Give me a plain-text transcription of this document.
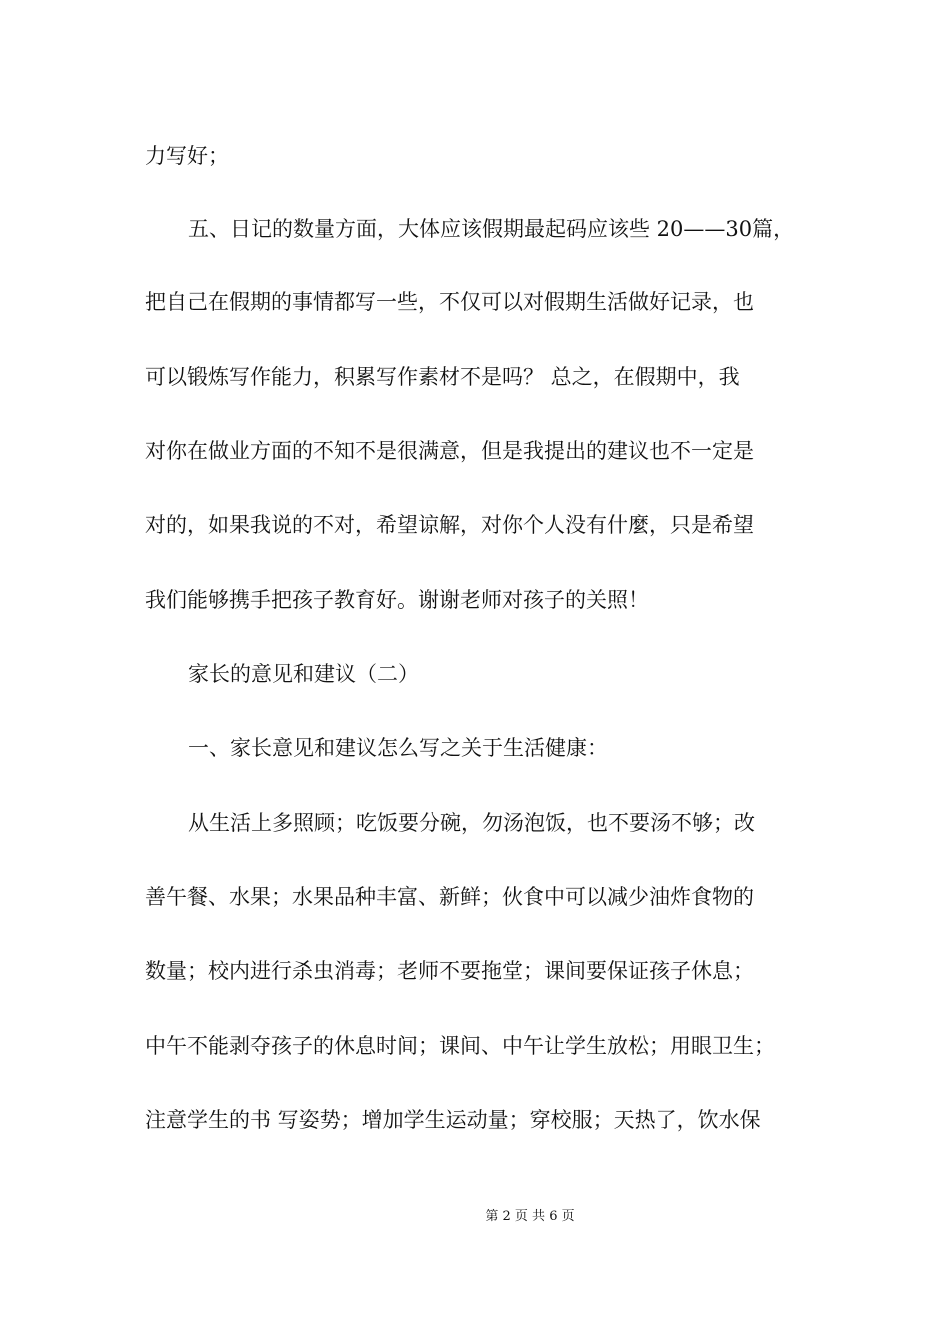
力写好；
五、日记的数量方面，大体应该假期最起码应该些 20——30篇，
把自己在假期的事情都写一些，不仅可以对假期生活做好记录，也
可以锻炼写作能力，积累写作素材不是吗？ 总之，在假期中，我
对你在做业方面的不知不是很满意，但是我提出的建议也不一定是
对的，如果我说的不对，希望谅解，对你个人没有什麼，只是希望
我们能够携手把孩子教育好。谢谢老师对孩子的关照！
家长的意见和建议（二）
一、家长意见和建议怎么写之关于生活健康：
从生活上多照顾；吃饭要分碗，勿汤泡饭，也不要汤不够；改
善午餐、水果；水果品种丰富、新鲜；伙食中可以减少油炸食物的
数量；校内进行杀虫消毒；老师不要拖堂；课间要保证孩子休息；
中午不能剥夺孩子的休息时间；课间、中午让学生放松；用眼卫生；
注意学生的书 写姿势；增加学生运动量；穿校服；天热了，饮水保
第 2 页 共 6 页
